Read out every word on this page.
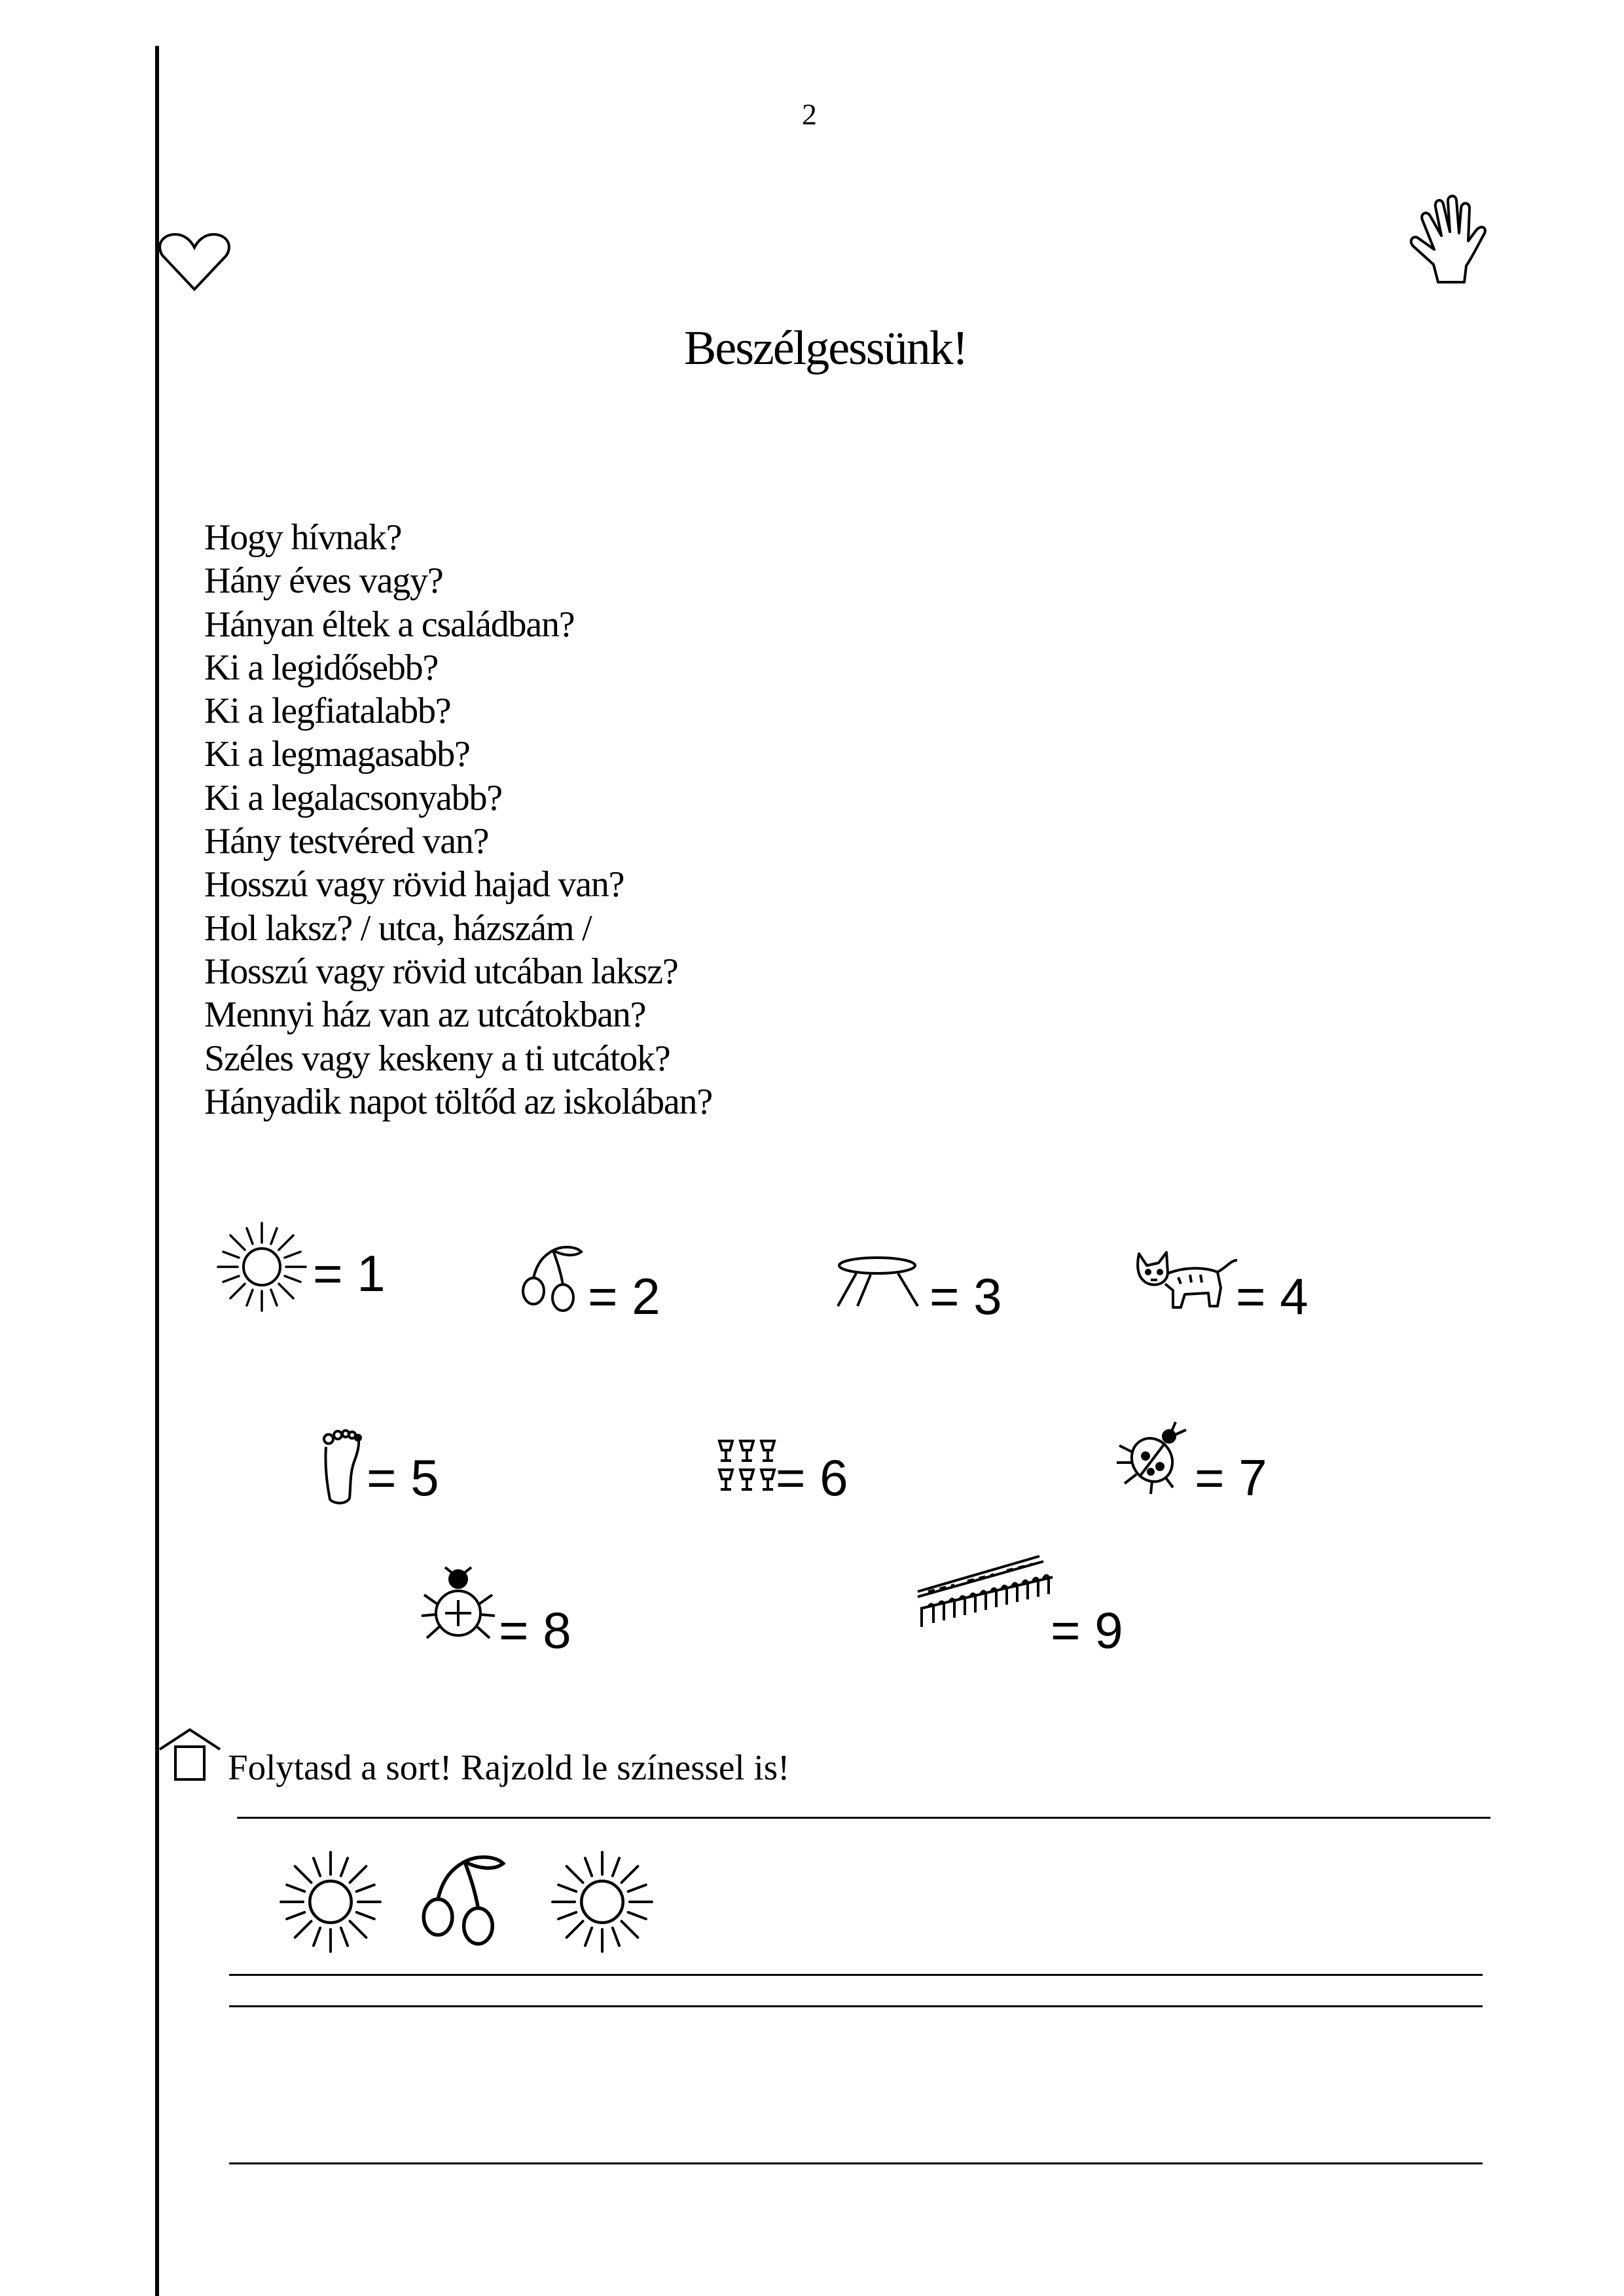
2
Beszélgessünk!
Hogy hívnak?
Hány éves vagy?
Hányan éltek a családban?
Ki a legidősebb?
Ki a legfiatalabb?
Ki a legmagasabb?
Ki a legalacsonyabb?
Hány testvéred van?
Hosszú vagy rövid hajad van?
Hol laksz? / utca, házszám /
Hosszú vagy rövid utcában laksz?
Mennyi ház van az utcátokban?
Széles vagy keskeny a ti utcátok?
Hányadik napot töltőd az iskolában?
= 1	= 2	= 3	= 4
= 5	= 6	= 7
= 8	= 9
Folytasd a sort! Rajzold le színessel is!
